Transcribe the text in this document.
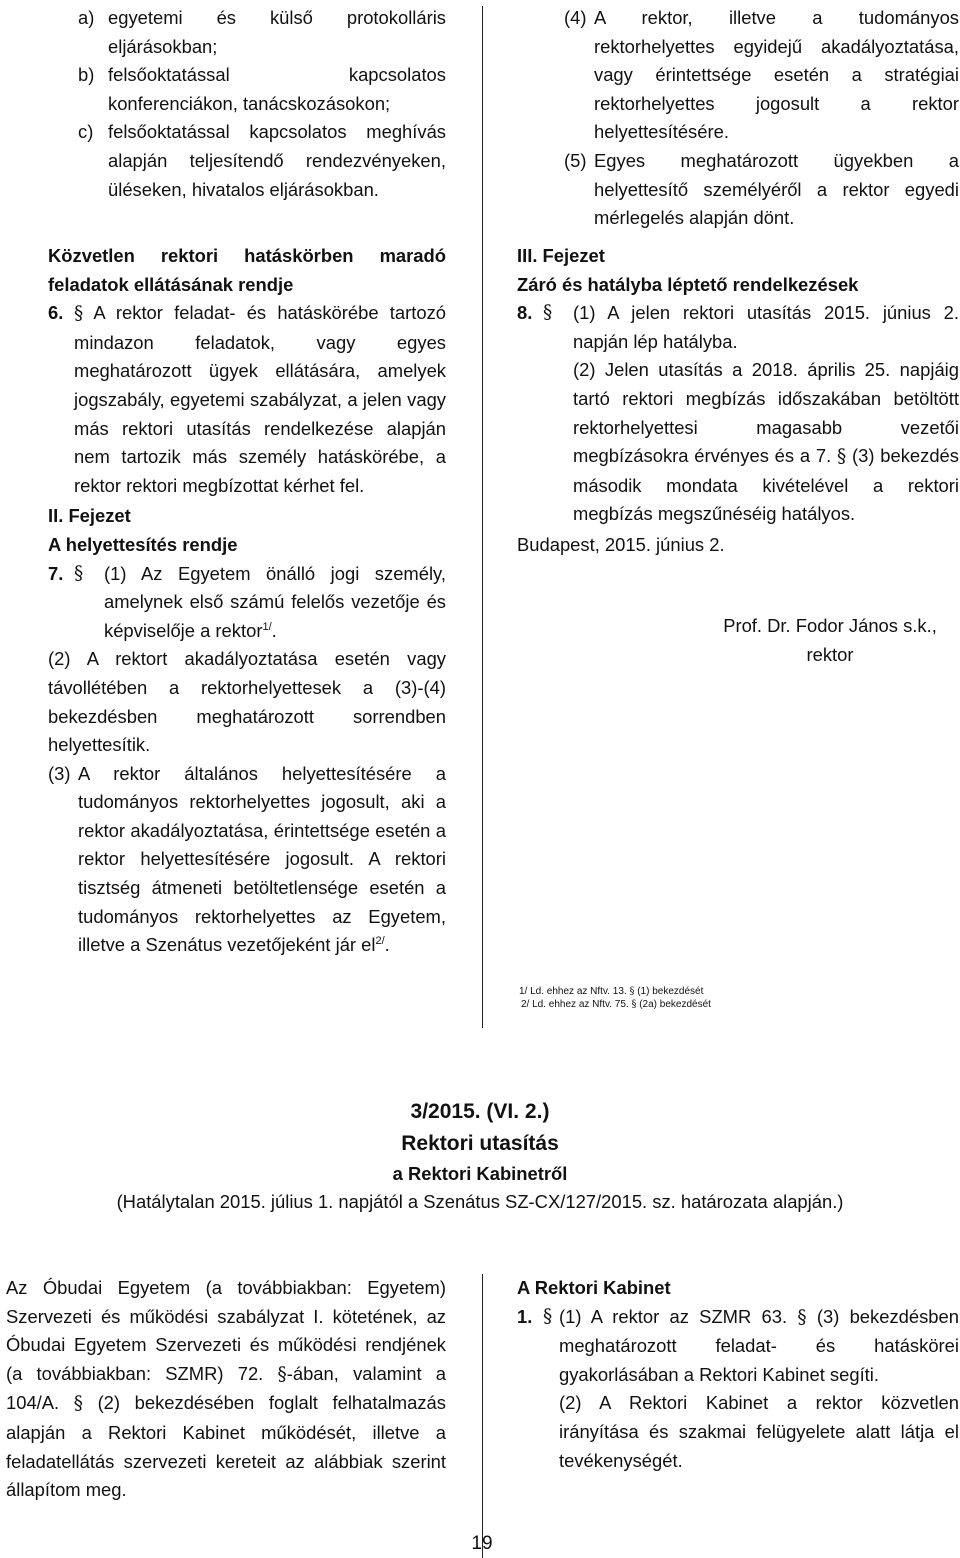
a) egyetemi és külső protokolláris eljárásokban;

b) felsőoktatással kapcsolatos konferenciákon, tanácskozásokon;

c) felsőoktatással kapcsolatos meghívás alapján teljesítendő rendezvényeken, üléseken, hivatalos eljárásokban.

Közvetlen rektori hatáskörben maradó feladatok ellátásának rendje

6. § A rektor feladat- és hatáskörébe tartozó mindazon feladatok, vagy egyes meghatározott ügyek ellátására, amelyek jogszabály, egyetemi szabályzat, a jelen vagy más rektori utasítás rendelkezése alapján nem tartozik más személy hatáskörébe, a rektor rektori megbízottat kérhet fel.

II. Fejezet

A helyettesítés rendje

7. §	(1) Az Egyetem önálló jogi személy, amelynek első számú felelős vezetője és képviselője a rektor$^{1/}$.

(2) A rektort akadályoztatása esetén vagy távollétében a rektorhelyettesek a (3)-(4) bekezdésben meghatározott sorrendben helyettesítik.

(3) A rektor általános helyettesítésére a tudományos rektorhelyettes jogosult, aki a rektor akadályoztatása, érintettsége esetén a rektor helyettesítésére jogosult. A rektori tisztség átmeneti betöltetlensége esetén a tudományos rektorhelyettes az Egyetem, illetve a Szenátus vezetőjeként jár el$^{2/}$.

(4) A rektor, illetve a tudományos rektorhelyettes egyidejű akadályoztatása, vagy érintettsége esetén a stratégiai rektorhelyettes jogosult a rektor helyettesítésére.

(5) Egyes meghatározott ügyekben a helyettesítő személyéről a rektor egyedi mérlegelés alapján dönt.

III. Fejezet

Záró és hatályba léptető rendelkezések

8. §	(1) A jelen rektori utasítás 2015. június 2. napján lép hatályba.

(2) Jelen utasítás a 2018. április 25. napjáig tartó rektori megbízás időszakában betöltött rektorhelyettesi magasabb vezetői megbízásokra érvényes és a 7. § (3) bekezdés második mondata kivételével a rektori megbízás megszűnéséig hatályos.

Budapest, 2015. június 2.

Prof. Dr. Fodor János s.k.,

rektor

1/ Ld. ehhez az Nftv. 13. § (1) bekezdését
2/ Ld. ehhez az Nftv. 75. § (2a) bekezdését

3/2015. (VI. 2.)

Rektori utasítás

a Rektori Kabinetről

(Hatálytalan 2015. július 1. napjától a Szenátus SZ-CX/127/2015. sz. határozata alapján.)

Az Óbudai Egyetem (a továbbiakban: Egyetem) Szervezeti és működési szabályzat I. kötetének, az Óbudai Egyetem Szervezeti és működési rendjének (a továbbiakban: SZMR) 72. §-ában, valamint a 104/A. § (2) bekezdésében foglalt felhatalmazás alapján a Rektori Kabinet működését, illetve a feladatellátás szervezeti kereteit az alábbiak szerint állapítom meg.

A Rektori Kabinet

1. § (1) A rektor az SZMR 63. § (3) bekezdésben meghatározott feladat- és hatáskörei gyakorlásában a Rektori Kabinet segíti.

(2) A Rektori Kabinet a rektor közvetlen irányítása és szakmai felügyelete alatt látja el tevékenységét.

19
